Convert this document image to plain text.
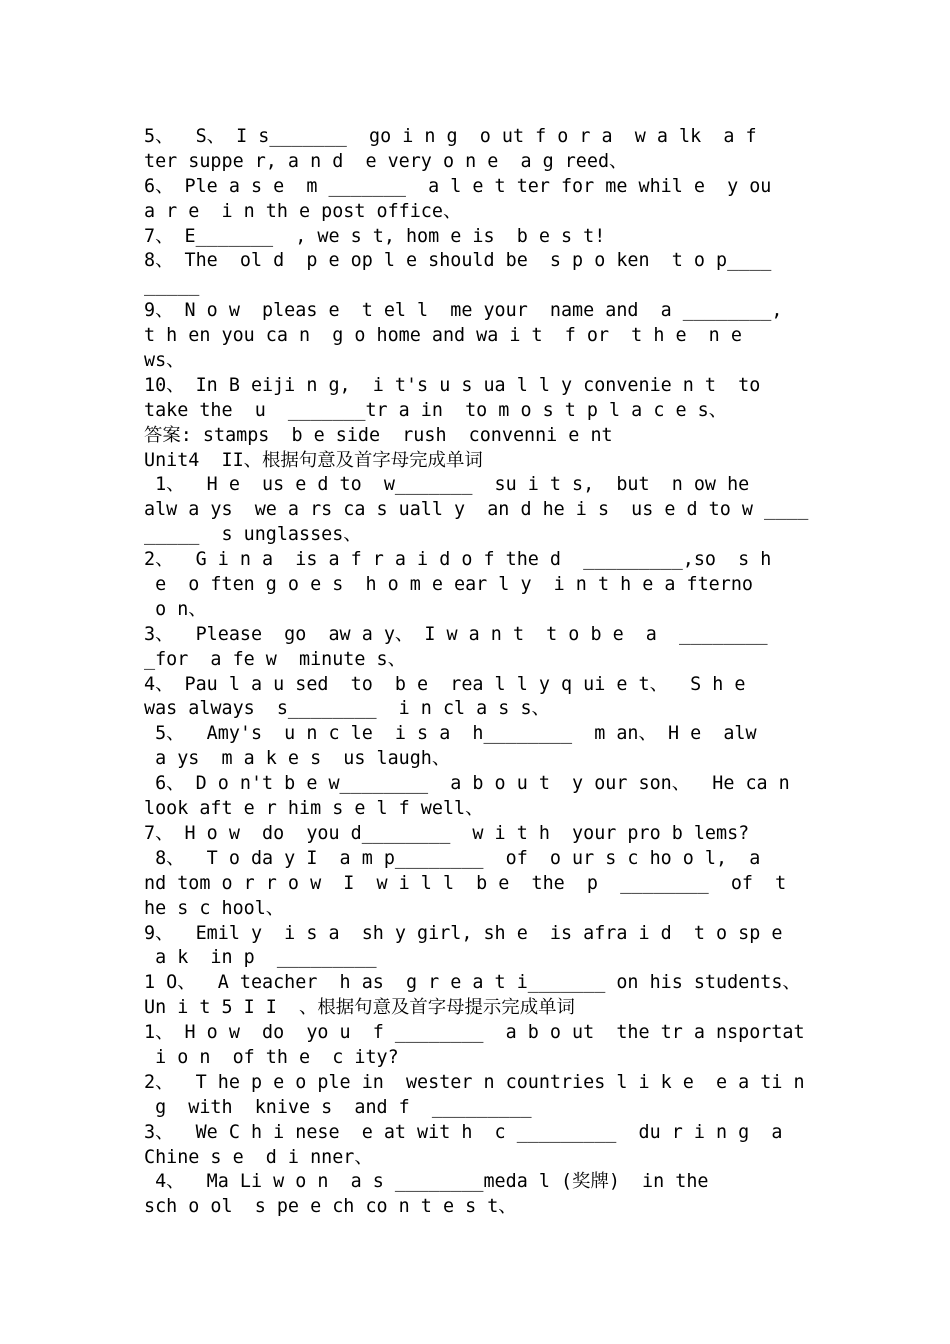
5、  S、 I s_______  go i n g  o ut f o r a  w a lk  a f
ter suppe r, a n d  e very o n e  a g reed、
6、 Ple a s e  m _______  a l e t ter for me whil e  y ou
a r e  i n th e post office、
7、 E_______  , we s t, hom e is  b e s t!
8、 The  ol d  p e op l e should be  s p o ken  t o p____
_____
9、 N o w  pleas e  t el l  me your  name and  a ________,
t h en you ca n  g o home and wa i t  f or  t h e  n e
ws、
10、 In B eiji n g,  i t's u s ua l l y convenie n t  to
take the  u  _______tr a in  to m o s t p l a c e s、
答案: stamps  b e side  rush  convenni e nt
Unit4  II、根据句意及首字母完成单词
1、  H e  us e d to  w_______  su i t s,  but  n ow he
alw a ys  we a rs ca s uall y  an d he i s  us e d to w ____
_____  s unglasses、
2、  G i n a  is a f r a i d o f the d  _________,so  s h
e  o ften g o e s  h o m e ear l y  i n t h e a fterno
o n、
3、  Please  go  aw a y、 I w a n t  t o b e  a  ________
_for  a fe w  minute s、
4、 Pau l a u sed  to  b e  rea l l y q ui e t、  S h e
was always  s________  i n cl a s s、
5、  Amy's  u n c le  i s a  h________  m an、 H e  alw
a ys  m a k e s  us laugh、
6、 D o n't b e w________  a b o u t  y our son、  He ca n
look aft e r him s e l f well、
7、 H o w  do  you d________  w i t h  your pro b lems?
8、  T o da y I  a m p________  of  o ur s c ho o l,  a
nd tom o r r o w  I  w i l l  b e  the  p  ________  of  t
he s c hool、
9、  Emil y  i s a  sh y girl, sh e  is afra i d  t o sp e
a k  in p  _________
1 O、  A teacher  h as  g r e a t i_______ on his students、
Un i t 5 I I  、根据句意及首字母提示完成单词
1、 H o w  do  yo u  f ________  a b o ut  the tr a nsportat
i o n  of th e  c ity?
2、  T he p e o ple in  wester n countries l i k e  e a ti n
g  with  knive s  and f  _________
3、  We C h i nese  e at wit h  c _________  du r i n g  a
Chine s e  d i nner、
4、  Ma Li w o n  a s ________meda l (奖牌)  in the
sch o ol  s pe e ch co n t e s t、
